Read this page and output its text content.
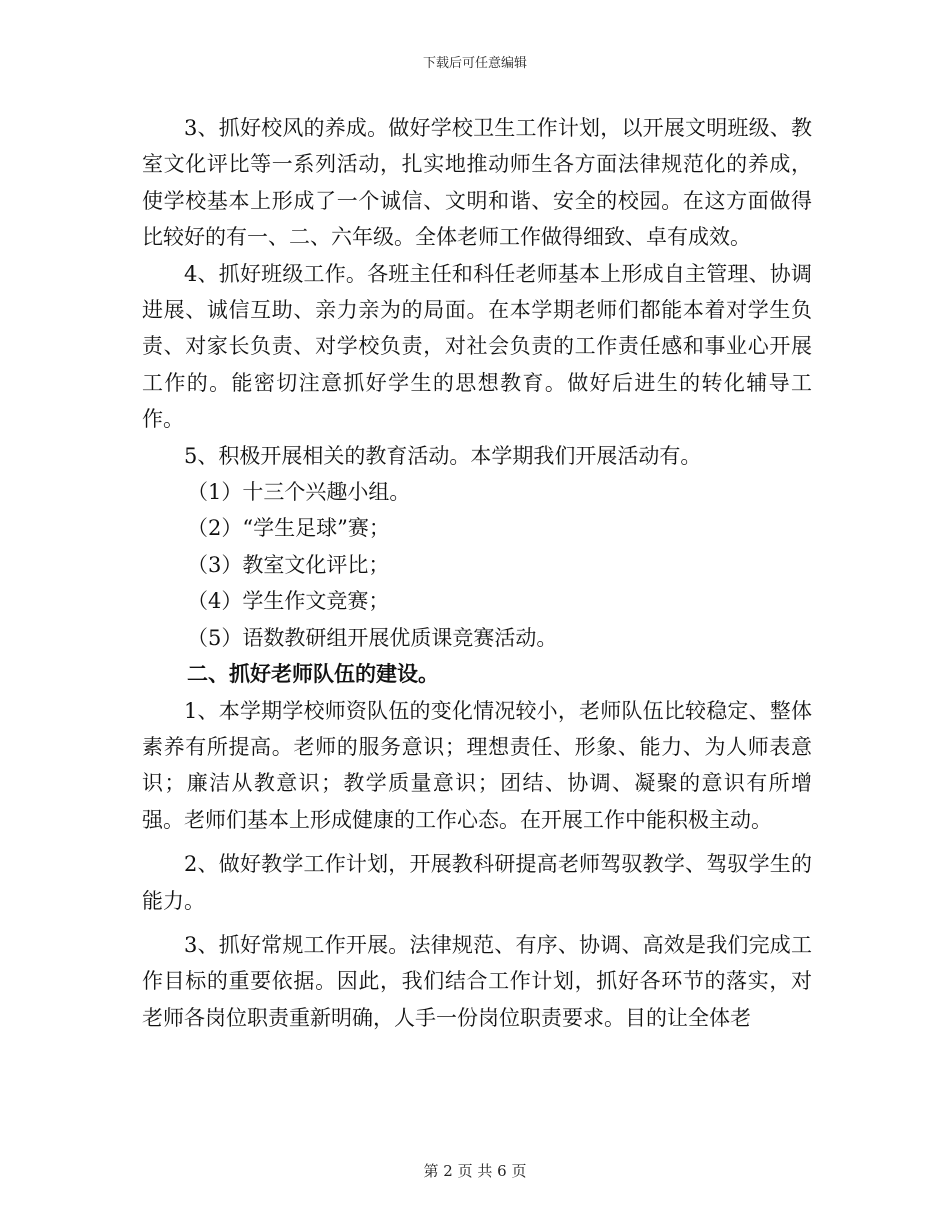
下载后可任意编辑

3、抓好校风的养成。做好学校卫生工作计划，以开展文明班级、教室文化评比等一系列活动，扎实地推动师生各方面法律规范化的养成，使学校基本上形成了一个诚信、文明和谐、安全的校园。在这方面做得比较好的有一、二、六年级。全体老师工作做得细致、卓有成效。

4、抓好班级工作。各班主任和科任老师基本上形成自主管理、协调进展、诚信互助、亲力亲为的局面。在本学期老师们都能本着对学生负责、对家长负责、对学校负责，对社会负责的工作责任感和事业心开展工作的。能密切注意抓好学生的思想教育。做好后进生的转化辅导工作。

5、积极开展相关的教育活动。本学期我们开展活动有。

（1）十三个兴趣小组。

（2）“学生足球”赛；

（3）教室文化评比；

（4）学生作文竞赛；

（5）语数教研组开展优质课竞赛活动。

二、抓好老师队伍的建设。

1、本学期学校师资队伍的变化情况较小，老师队伍比较稳定、整体素养有所提高。老师的服务意识；理想责任、形象、能力、为人师表意识；廉洁从教意识；教学质量意识；团结、协调、凝聚的意识有所增强。老师们基本上形成健康的工作心态。在开展工作中能积极主动。

2、做好教学工作计划，开展教科研提高老师驾驭教学、驾驭学生的能力。

3、抓好常规工作开展。法律规范、有序、协调、高效是我们完成工作目标的重要依据。因此，我们结合工作计划，抓好各环节的落实，对老师各岗位职责重新明确，人手一份岗位职责要求。目的让全体老

第 2 页 共 6 页
